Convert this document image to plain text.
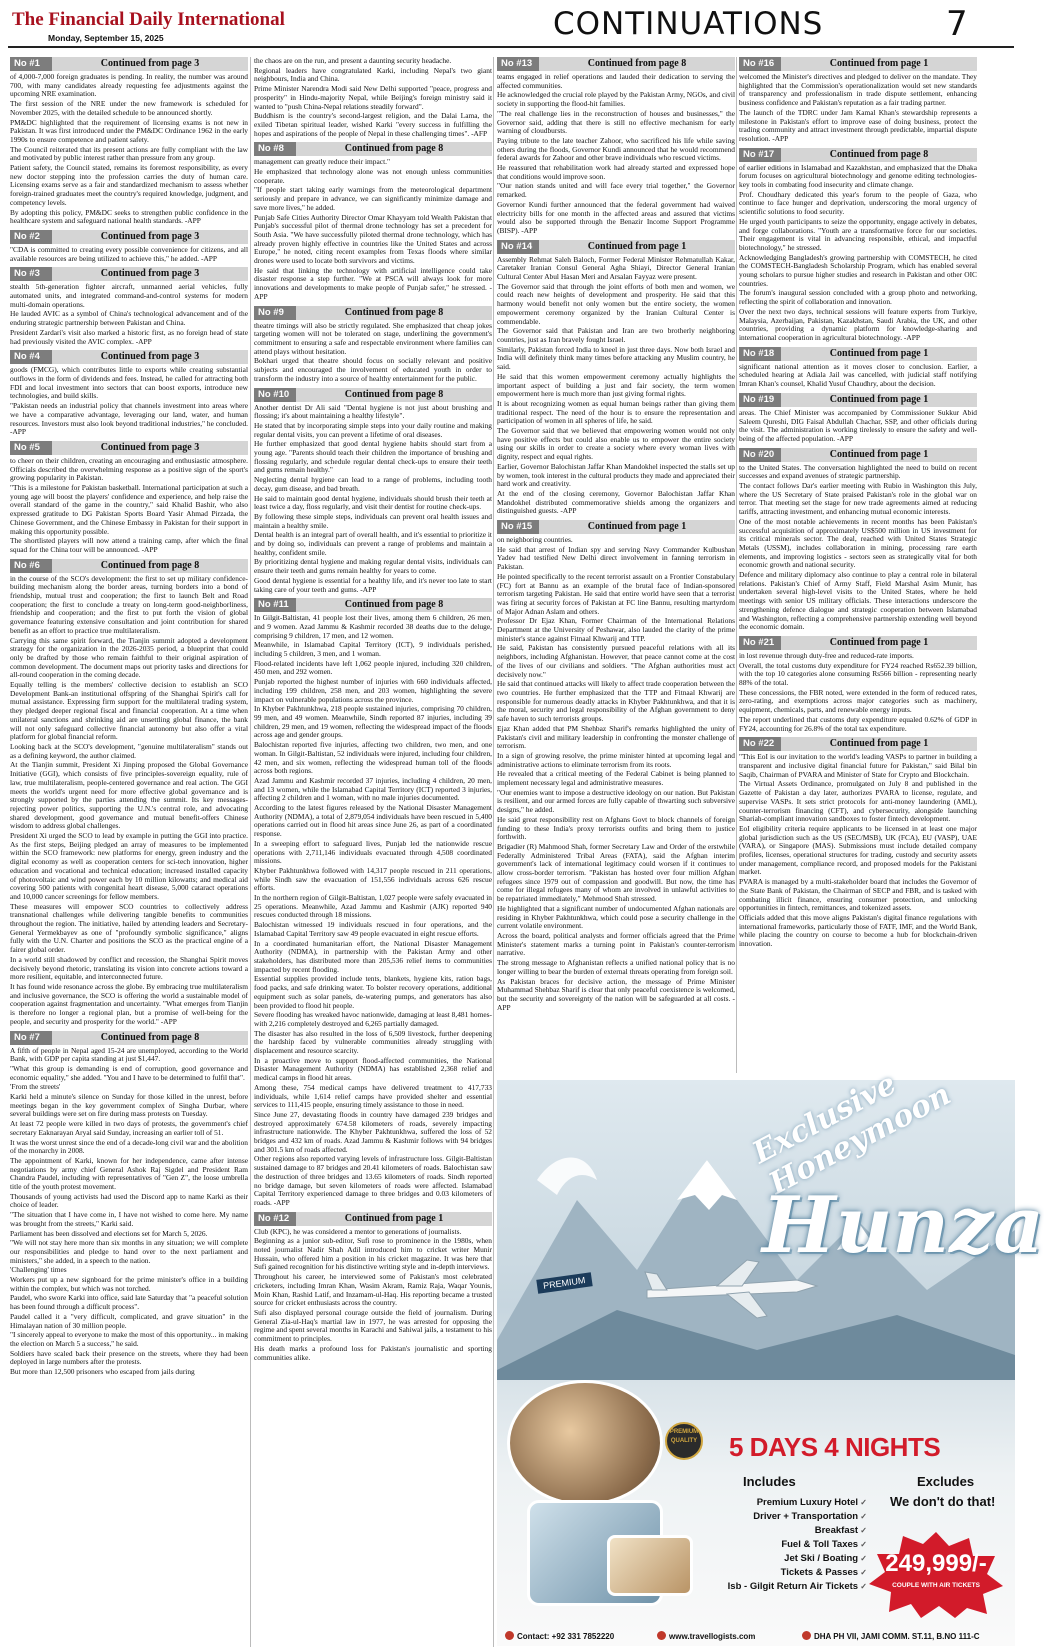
The Financial Daily International
Monday, September 15, 2025	CONTINUATIONS	7
No #1	Continued from page 3

of 4,000-7,000 foreign graduates is pending. In reality, the number was around 700, with many candidates already requesting fee adjustments against the upcoming NRE examination.

The first session of the NRE under the new framework is scheduled for November 2025, with the detailed schedule to be announced shortly.

PM&DC highlighted that the requirement of licensing exams is not new in Pakistan. It was first introduced under the PM&DC Ordinance 1962 in the early 1990s to ensure competence and patient safety.

The Council reiterated that its present actions are fully compliant with the law and motivated by public interest rather than pressure from any group.

Patient safety, the Council stated, remains its foremost responsibility, as every new doctor stepping into the profession carries the duty of human care. Licensing exams serve as a fair and standardized mechanism to assess whether foreign-trained graduates meet the country's required knowledge, judgment, and competency levels.

By adopting this policy, PM&DC seeks to strengthen public confidence in the healthcare system and safeguard national health standards. -APP

No #2	Continued from page 3

"CDA is committed to creating every possible convenience for citizens, and all available resources are being utilized to achieve this," he added. -APP

No #3	Continued from page 3

stealth 5th-generation fighter aircraft, unmanned aerial vehicles, fully automated units, and integrated command-and-control systems for modern multi-domain operations.

He lauded AVIC as a symbol of China's technological advancement and of the enduring strategic partnership between Pakistan and China.

President Zardari's visit also marked a historic first, as no foreign head of state had previously visited the AVIC complex. -APP

No #4	Continued from page 3

goods (FMCG), which contributes little to exports while creating substantial outflows in the form of dividends and fees. Instead, he called for attracting both FDI and local investment into sectors that can boost exports, introduce new technologies, and build skills.

"Pakistan needs an industrial policy that channels investment into areas where we have a comparative advantage, leveraging our land, water, and human resources. Investors must also look beyond traditional industries," he concluded. -APP

No #5	Continued from page 3

to cheer on their children, creating an encouraging and enthusiastic atmosphere. Officials described the overwhelming response as a positive sign of the sport's growing popularity in Pakistan.

"This is a milestone for Pakistan basketball. International participation at such a young age will boost the players' confidence and experience, and help raise the overall standard of the game in the country," said Khalid Bashir, who also expressed gratitude to DG Pakistan Sports Board Yasir Ahmad Pirzada, the Chinese Government, and the Chinese Embassy in Pakistan for their support in making this opportunity possible.

The shortlisted players will now attend a training camp, after which the final squad for the China tour will be announced. -APP

No #6	Continued from page 8

in the course of the SCO's development: the first to set up military confidence-building mechanism along the border areas, turning borders into a bond of friendship, mutual trust and cooperation; the first to launch Belt and Road cooperation; the first to conclude a treaty on long-term good-neighborliness, friendship and cooperation; and the first to put forth the vision of global governance featuring extensive consultation and joint contribution for shared benefit as an effort to practice true multilateralism.

Carrying this same spirit forward, the Tianjin summit adopted a development strategy for the organization in the 2026-2035 period, a blueprint that could only be drafted by those who remain faithful to their original aspiration of common development. The document maps out priority tasks and directions for all-round cooperation in the coming decade.

Equally telling is the members' collective decision to establish an SCO Development Bank-an institutional offspring of the Shanghai Spirit's call for mutual assistance. Expressing firm support for the multilateral trading system, they pledged deeper regional fiscal and financial cooperation. At a time when unilateral sanctions and shrinking aid are unsettling global finance, the bank will not only safeguard collective financial autonomy but also offer a vital platform for global financial reform.

Looking back at the SCO's development, "genuine multilateralism" stands out as a defining keyword, the author claimed.

At the Tianjin summit, President Xi Jinping proposed the Global Governance Initiative (GGI), which consists of five principles-sovereign equality, rule of law, true multilateralism, people-centered governance and real action. The GGI meets the world's urgent need for more effective global governance and is strongly supported by the parties attending the summit. Its key messages-rejecting power politics, supporting the U.N.'s central role, and advocating shared development, good governance and mutual benefit-offers Chinese wisdom to address global challenges.

President Xi urged the SCO to lead by example in putting the GGI into practice. As the first steps, Beijing pledged an array of measures to be implemented within the SCO framework: new platforms for energy, green industry and the digital economy as well as cooperation centers for sci-tech innovation, higher education and vocational and technical education; increased installed capacity of photovoltaic and wind power each by 10 million kilowatts; and medical aid covering 500 patients with congenital heart disease, 5,000 cataract operations and 10,000 cancer screenings for fellow members.

These measures will empower SCO countries to collectively address transnational challenges while delivering tangible benefits to communities throughout the region. The initiative, hailed by attending leaders and Secretary-General Yermekbayev as one of "profoundly symbolic significance," aligns fully with the U.N. Charter and positions the SCO as the practical engine of a fairer global order.

In a world still shadowed by conflict and recession, the Shanghai Spirit moves decisively beyond rhetoric, translating its vision into concrete actions toward a more resilient, equitable, and interconnected future.

It has found wide resonance across the globe. By embracing true multilateralism and inclusive governance, the SCO is offering the world a sustainable model of cooperation against fragmentation and uncertainty. "What emerges from Tianjin is therefore no longer a regional plan, but a promise of well-being for the people, and security and prosperity for the world." -APP

No #7	Continued from page 8

A fifth of people in Nepal aged 15-24 are unemployed, according to the World Bank, with GDP per capita standing at just $1,447.

"What this group is demanding is end of corruption, good governance and economic equality," she added. "You and I have to be determined to fulfil that".

'From the streets'

Karki held a minute's silence on Sunday for those killed in the unrest, before meetings began in the key government complex of Singha Durbar, where several buildings were set on fire during mass protests on Tuesday.

At least 72 people were killed in two days of protests, the government's chief secretary Eaknarayan Aryal said Sunday, increasing an earlier toll of 51.

It was the worst unrest since the end of a decade-long civil war and the abolition of the monarchy in 2008.

The appointment of Karki, known for her independence, came after intense negotiations by army chief General Ashok Raj Sigdel and President Ram Chandra Paudel, including with representatives of "Gen Z", the loose umbrella title of the youth protest movement.

Thousands of young activists had used the Discord app to name Karki as their choice of leader.

"The situation that I have come in, I have not wished to come here. My name was brought from the streets," Karki said.

Parliament has been dissolved and elections set for March 5, 2026.

"We will not stay here more than six months in any situation; we will complete our responsibilities and pledge to hand over to the next parliament and ministers," she added, in a speech to the nation.

'Challenging' times

Workers put up a new signboard for the prime minister's office in a building within the complex, but which was not torched.

Paudel, who swore Karki into office, said late Saturday that "a peaceful solution has been found through a difficult process".

Paudel called it a "very difficult, complicated, and grave situation" in the Himalayan nation of 30 million people.

"I sincerely appeal to everyone to make the most of this opportunity... in making the election on March 5 a success," he said.

Soldiers have scaled back their presence on the streets, where they had been deployed in large numbers after the protests.

But more than 12,500 prisoners who escaped from jails during

the chaos are on the run, and present a daunting security headache.

Regional leaders have congratulated Karki, including Nepal's two giant neighbours, India and China.

Prime Minister Narendra Modi said New Delhi supported "peace, progress and prosperity" in Hindu-majority Nepal, while Beijing's foreign ministry said it wanted to "push China-Nepal relations steadily forward".

Buddhism is the country's second-largest religion, and the Dalai Lama, the exiled Tibetan spiritual leader, wished Karki "every success in fulfilling the hopes and aspirations of the people of Nepal in these challenging times". -AFP

No #8	Continued from page 8

management can greatly reduce their impact."

He emphasized that technology alone was not enough unless communities cooperate.

"If people start taking early warnings from the meteorological department seriously and prepare in advance, we can significantly minimize damage and save more lives," he added.

Punjab Safe Cities Authority Director Omar Khayyam told Wealth Pakistan that Punjab's successful pilot of thermal drone technology has set a precedent for South Asia. "We have successfully piloted thermal drone technology, which has already proven highly effective in countries like the United States and across Europe," he noted, citing recent examples from Texas floods where similar drones were used to locate both survivors and victims.

He said that linking the technology with artificial intelligence could take disaster response a step further. "We at PSCA will always look for more innovations and developments to make people of Punjab safer," he stressed. -APP

No #9	Continued from page 8

theatre timings will also be strictly regulated. She emphasized that cheap jokes targeting women will not be tolerated on stage, underlining the government's commitment to ensuring a safe and respectable environment where families can attend plays without hesitation.

Bokhari urged that theatre should focus on socially relevant and positive subjects and encouraged the involvement of educated youth in order to transform the industry into a source of healthy entertainment for the public.

No #10	Continued from page 8

Another dentist Dr Ali said "Dental hygiene is not just about brushing and flossing; it's about maintaining a healthy lifestyle".

He stated that by incorporating simple steps into your daily routine and making regular dental visits, you can prevent a lifetime of oral diseases.

He further emphasized that good dental hygiene habits should start from a young age. "Parents should teach their children the importance of brushing and flossing regularly, and schedule regular dental check-ups to ensure their teeth and gums remain healthy."

Neglecting dental hygiene can lead to a range of problems, including tooth decay, gum disease, and bad breath.

He said to maintain good dental hygiene, individuals should brush their teeth at least twice a day, floss regularly, and visit their dentist for routine check-ups.

By following these simple steps, individuals can prevent oral health issues and maintain a healthy smile.

Dental health is an integral part of overall health, and it's essential to prioritize it and by doing so, individuals can prevent a range of problems and maintain a healthy, confident smile.

By prioritizing dental hygiene and making regular dental visits, individuals can ensure their teeth and gums remain healthy for years to come.

Good dental hygiene is essential for a healthy life, and it's never too late to start taking care of your teeth and gums. -APP

No #11	Continued from page 8

In Gilgit-Baltistan, 41 people lost their lives, among them 6 children, 26 men, and 9 women. Azad Jammu & Kashmir recorded 38 deaths due to the deluge, comprising 9 children, 17 men, and 12 women.

Meanwhile, in Islamabad Capital Territory (ICT), 9 individuals perished, including 5 children, 3 men, and 1 woman.

Flood-related incidents have left 1,062 people injured, including 320 children, 450 men, and 292 women.

Punjab reported the highest number of injuries with 660 individuals affected, including 199 children, 258 men, and 203 women, highlighting the severe impact on vulnerable populations across the province.

In Khyber Pakhtunkhwa, 218 people sustained injuries, comprising 70 children, 99 men, and 49 women. Meanwhile, Sindh reported 87 injuries, including 39 children, 29 men, and 19 women, reflecting the widespread impact of the floods across age and gender groups.

Balochistan reported five injuries, affecting two children, two men, and one woman. In Gilgit-Baltistan, 52 individuals were injured, including four children, 42 men, and six women, reflecting the widespread human toll of the floods across both regions.

Azad Jammu and Kashmir recorded 37 injuries, including 4 children, 20 men, and 13 women, while the Islamabad Capital Territory (ICT) reported 3 injuries, affecting 2 children and 1 woman, with no male injuries documented.

According to the latest figures released by the National Disaster Management Authority (NDMA), a total of 2,879,054 individuals have been rescued in 5,400 operations carried out in flood hit areas since June 26, as part of a coordinated response.

In a sweeping effort to safeguard lives, Punjab led the nationwide rescue operations with 2,711,146 individuals evacuated through 4,508 coordinated missions.

Khyber Pakhtunkhwa followed with 14,317 people rescued in 211 operations, while Sindh saw the evacuation of 151,556 individuals across 626 rescue efforts.

In the northern region of Gilgit-Baltistan, 1,027 people were safely evacuated in 25 operations. Meanwhile, Azad Jammu and Kashmir (AJK) reported 940 rescues conducted through 18 missions.

Balochistan witnessed 19 individuals rescued in four operations, and the Islamabad Capital Territory saw 49 people evacuated in eight rescue efforts.

In a coordinated humanitarian effort, the National Disaster Management Authority (NDMA), in partnership with the Pakistan Army and other stakeholders, has distributed more than 205,536 relief items to communities impacted by recent flooding.

Essential supplies provided include tents, blankets, hygiene kits, ration bags, food packs, and safe drinking water. To bolster recovery operations, additional equipment such as solar panels, de-watering pumps, and generators has also been provided to flood hit people.

Severe flooding has wreaked havoc nationwide, damaging at least 8,481 homes-with 2,216 completely destroyed and 6,265 partially damaged.

The disaster has also resulted in the loss of 6,509 livestock, further deepening the hardship faced by vulnerable communities already struggling with displacement and resource scarcity.

In a proactive move to support flood-affected communities, the National Disaster Management Authority (NDMA) has established 2,368 relief and medical camps in flood hit areas.

Among these, 754 medical camps have delivered treatment to 417,733 individuals, while 1,614 relief camps have provided shelter and essential services to 111,415 people, ensuring timely assistance to those in need.

Since June 27, devastating floods in country have damaged 239 bridges and destroyed approximately 674.58 kilometers of roads, severely impacting infrastructure nationwide. The Khyber Pakhtunkhwa, suffered the loss of 52 bridges and 432 km of roads. Azad Jammu & Kashmir follows with 94 bridges and 301.5 km of roads affected.

Other regions also reported varying levels of infrastructure loss. Gilgit-Baltistan sustained damage to 87 bridges and 20.41 kilometers of roads. Balochistan saw the destruction of three bridges and 13.65 kilometers of roads. Sindh reported no bridge damage, but seven kilometers of roads were affected. Islamabad Capital Territory experienced damage to three bridges and 0.03 kilometers of roads. -APP

No #12	Continued from page 1

Club (KPC), he was considered a mentor to generations of journalists.

Beginning as a junior sub-editor, Sufi rose to prominence in the 1980s, when noted journalist Nadir Shah Adil introduced him to cricket writer Munir Hussain, who offered him a position in his cricket magazine. It was here that Sufi gained recognition for his distinctive writing style and in-depth interviews.

Throughout his career, he interviewed some of Pakistan's most celebrated cricketers, including Imran Khan, Wasim Akram, Ramiz Raja, Waqar Younis, Moin Khan, Rashid Latif, and Inzamam-ul-Haq. His reporting became a trusted source for cricket enthusiasts across the country.

Sufi also displayed personal courage outside the field of journalism. During General Zia-ul-Haq's martial law in 1977, he was arrested for opposing the regime and spent several months in Karachi and Sahiwal jails, a testament to his commitment to principles.

His death marks a profound loss for Pakistan's journalistic and sporting communities alike.

No #13	Continued from page 8

teams engaged in relief operations and lauded their dedication to serving the affected communities.

He acknowledged the crucial role played by the Pakistan Army, NGOs, and civil society in supporting the flood-hit families.

"The real challenge lies in the reconstruction of houses and businesses," the Governor said, adding that there is still no effective mechanism for early warning of cloudbursts.

Paying tribute to the late teacher Zahoor, who sacrificed his life while saving others during the floods, Governor Kundi announced that he would recommend federal awards for Zahoor and other brave individuals who rescued victims.

He reassured that rehabilitation work had already started and expressed hope that conditions would improve soon.

"Our nation stands united and will face every trial together," the Governor remarked.

Governor Kundi further announced that the federal government had waived electricity bills for one month in the affected areas and assured that victims would also be supported through the Benazir Income Support Programme (BISP). -APP

No #14	Continued from page 1

Assembly Rehmat Saleh Baloch, Former Federal Minister Rehmatullah Kakar, Caretaker Iranian Consul General Agha Shiayi, Director General Iranian Cultural Center Abul Hasan Meri and Arsalan Fayyaz were present.

The Governor said that through the joint efforts of both men and women, we could reach new heights of development and prosperity. He said that this harmony would benefit not only women but the entire society, the women empowerment ceremony organized by the Iranian Cultural Center is commendable.

The Governor said that Pakistan and Iran are two brotherly neighboring countries, just as Iran bravely fought Israel.

Similarly, Pakistan forced India to kneel in just three days. Now both Israel and India will definitely think many times before attacking any Muslim country, he said.

He said that this women empowerment ceremony actually highlights the important aspect of building a just and fair society, the term women empowerment here is much more than just giving formal rights.

It is about recognizing women as equal human beings rather than giving them traditional respect. The need of the hour is to ensure the representation and participation of women in all spheres of life, he said.

The Governor said that we believed that empowering women would not only have positive effects but could also enable us to empower the entire society using our skills in order to create a society where every woman lives with dignity, respect and equal rights.

Earlier, Governor Balochistan Jaffar Khan Mandokhel inspected the stalls set up by women, took interest in the cultural products they made and appreciated their hard work and creativity.

At the end of the closing ceremony, Governor Balochistan Jaffar Khan Mandokhel distributed commemorative shields among the organizers and distinguished guests. -APP

No #15	Continued from page 1

on neighboring countries.

He said that arrest of Indian spy and serving Navy Commander Kulbushan Yadev had testified New Delhi direct involvement in fanning terrorism in Pakistan.

He pointed specifically to the recent terrorist assault on a Frontier Constabulary (FC) fort at Bannu as an example of the brutal face of Indian-sponsored terrorism targeting Pakistan. He said that entire world have seen that a terrorist was firing at security forces of Pakistan at FC line Bannu, resulting martyrdom of Major Adnan Aslam and others.

Professor Dr Ejaz Khan, Former Chairman of the International Relations Department at the University of Peshawar, also lauded the clarity of the prime minister's stance against Fitnaal Khwarij and TTP.

He said, Pakistan has consistently pursued peaceful relations with all its neighbors, including Afghanistan. However, that peace cannot come at the cost of the lives of our civilians and soldiers. "The Afghan authorities must act decisively now."

He said that continued attacks will likely to affect trade cooperation between the two countries. He further emphasized that the TTP and Fitnaal Khwarij are responsible for numerous deadly attacks in Khyber Pakhtunkhwa, and that it is the moral, security and legal responsibility of the Afghan government to deny safe haven to such terrorists groups.

Ejaz Khan added that PM Shehbaz Sharif's remarks highlighted the unity of Pakistan's civil and military leadership in confronting the monster challenge of terrorism.

In a sign of growing resolve, the prime minister hinted at upcoming legal and administrative actions to eliminate terrorism from its roots.

He revealed that a critical meeting of the Federal Cabinet is being planned to implement necessary legal and administrative measures.

"Our enemies want to impose a destructive ideology on our nation. But Pakistan is resilient, and our armed forces are fully capable of thwarting such subversive designs," he added.

He said great responsibility rest on Afghans Govt to block channels of foreign funding to these India's proxy terrorists outfits and bring them to justice forthwith.

Brigadier (R) Mahmood Shah, former Secretary Law and Order of the erstwhile Federally Administered Tribal Areas (FATA), said the Afghan interim government's lack of international legitimacy could worsen if it continues to allow cross-border terrorism. "Pakistan has hosted over four million Afghan refugees since 1979 out of compassion and goodwill. But now, the time has come for illegal refugees many of whom are involved in unlawful activities to be repatriated immediately," Mehmood Shah stressed.

He highlighted that a significant number of undocumented Afghan nationals are residing in Khyber Pakhtunkhwa, which could pose a security challenge in the current volatile environment.

Across the board, political analysts and former officials agreed that the Prime Minister's statement marks a turning point in Pakistan's counter-terrorism narrative.

The strong message to Afghanistan reflects a unified national policy that is no longer willing to bear the burden of external threats operating from foreign soil.

As Pakistan braces for decisive action, the message of Prime Minister Muhammad Shehbaz Sharif is clear that only peaceful coexistence is welcomed, but the security and sovereignty of the nation will be safeguarded at all costs. -APP

No #16	Continued from page 1

welcomed the Minister's directives and pledged to deliver on the mandate. They highlighted that the Commission's operationalization would set new standards of transparency and professionalism in trade dispute settlement, enhancing business confidence and Pakistan's reputation as a fair trading partner.

The launch of the TDRC under Jam Kamal Khan's stewardship represents a milestone in Pakistan's effort to improve ease of doing business, protect the trading community and attract investment through predictable, impartial dispute resolution. -APP

No #17	Continued from page 8

of earlier editions in Islamabad and Kazakhstan, and emphasized that the Dhaka forum focuses on agricultural biotechnology and genome editing technologies-key tools in combating food insecurity and climate change.

Prof. Choudhary dedicated this year's forum to the people of Gaza, who continue to face hunger and deprivation, underscoring the moral urgency of scientific solutions to food security.

He urged youth participants to seize the opportunity, engage actively in debates, and forge collaborations. "Youth are a transformative force for our societies. Their engagement is vital in advancing responsible, ethical, and impactful biotechnology," he stressed.

Acknowledging Bangladesh's growing partnership with COMSTECH, he cited the COMSTECH-Bangladesh Scholarship Program, which has enabled several young scholars to pursue higher studies and research in Pakistan and other OIC countries.

The forum's inaugural session concluded with a group photo and networking, reflecting the spirit of collaboration and innovation.

Over the next two days, technical sessions will feature experts from Turkiye, Malaysia, Azerbaijan, Pakistan, Kazakhstan, Saudi Arabia, the UK, and other countries, providing a dynamic platform for knowledge-sharing and international cooperation in agricultural biotechnology. -APP

No #18	Continued from page 1

significant national attention as it moves closer to conclusion. Earlier, a scheduled hearing at Adiala Jail was cancelled, with judicial staff notifying Imran Khan's counsel, Khalid Yusuf Chaudhry, about the decision.

No #19	Continued from page 1

areas. The Chief Minister was accompanied by Commissioner Sukkur Abid Saleem Qureshi, DIG Faisal Abdullah Chachar, SSP, and other officials during the visit. The administration is working tirelessly to ensure the safety and well-being of the affected population. -APP

No #20	Continued from page 1

to the United States. The conversation highlighted the need to build on recent successes and expand avenues of strategic partnership.

The contact follows Dar's earlier meeting with Rubio in Washington this July, where the US Secretary of State praised Pakistan's role in the global war on terror. That meeting set the stage for new trade agreements aimed at reducing tariffs, attracting investment, and enhancing mutual economic interests.

One of the most notable achievements in recent months has been Pakistan's successful acquisition of approximately US$500 million in US investment for its critical minerals sector. The deal, reached with United States Strategic Metals (USSM), includes collaboration in mining, processing rare earth elements, and improving logistics - sectors seen as strategically vital for both economic growth and national security.

Defence and military diplomacy also continue to play a central role in bilateral relations. Pakistan's Chief of Army Staff, Field Marshal Asim Munir, has undertaken several high-level visits to the United States, where he held meetings with senior US military officials. These interactions underscore the strengthening defence dialogue and strategic cooperation between Islamabad and Washington, reflecting a comprehensive partnership extending well beyond the economic domain.

No #21	Continued from page 1

in lost revenue through duty-free and reduced-rate imports.

Overall, the total customs duty expenditure for FY24 reached Rs652.39 billion, with the top 10 categories alone consuming Rs566 billion - representing nearly 88% of the total.

These concessions, the FBR noted, were extended in the form of reduced rates, zero-rating, and exemptions across major categories such as machinery, equipment, chemicals, parts, and renewable energy inputs.

The report underlined that customs duty expenditure equaled 0.62% of GDP in FY24, accounting for 26.8% of the total tax expenditure.

No #22	Continued from page 1

"This EoI is our invitation to the world's leading VASPs to partner in building a transparent and inclusive digital financial future for Pakistan," said Bilal bin Saqib, Chairman of PVARA and Minister of State for Crypto and Blockchain.

The Virtual Assets Ordinance, promulgated on July 8 and published in the Gazette of Pakistan a day later, authorizes PVARA to license, regulate, and supervise VASPs. It sets strict protocols for anti-money laundering (AML), counter-terrorism financing (CFT), and cybersecurity, alongside launching Shariah-compliant innovation sandboxes to foster fintech development.

EoI eligibility criteria require applicants to be licensed in at least one major global jurisdiction such as the US (SEC/MSB), UK (FCA), EU (VASP), UAE (VARA), or Singapore (MAS). Submissions must include detailed company profiles, licenses, operational structures for trading, custody and security assets under management, compliance record, and proposed models for the Pakistani market.

PVARA is managed by a multi-stakeholder board that includes the Governor of the State Bank of Pakistan, the Chairman of SECP and FBR, and is tasked with combating illicit finance, ensuring consumer protection, and unlocking opportunities in fintech, remittances, and tokenized assets.

Officials added that this move aligns Pakistan's digital finance regulations with international frameworks, particularly those of FATF, IMF, and the World Bank, while placing the country on course to become a hub for blockchain-driven innovation.

PREMIUM
Exclusive Honeymoon
Hunza
PREMIUM QUALITY 5 DAYS 4 NIGHTS
Includes	Excludes
Premium Luxury Hotel ✓
Driver + Transportation ✓
Breakfast ✓
Fuel & Toll Taxes ✓
Jet Ski / Boating ✓
Tickets & Passes ✓
Isb - Gilgit Return Air Tickets ✓
We don't do that!
249,999/-
COUPLE WITH AIR TICKETS
Contact: +92 331 7852220	www.travellogists.com	DHA PH VII, JAMI COMM. ST.11, B.NO 111-C
